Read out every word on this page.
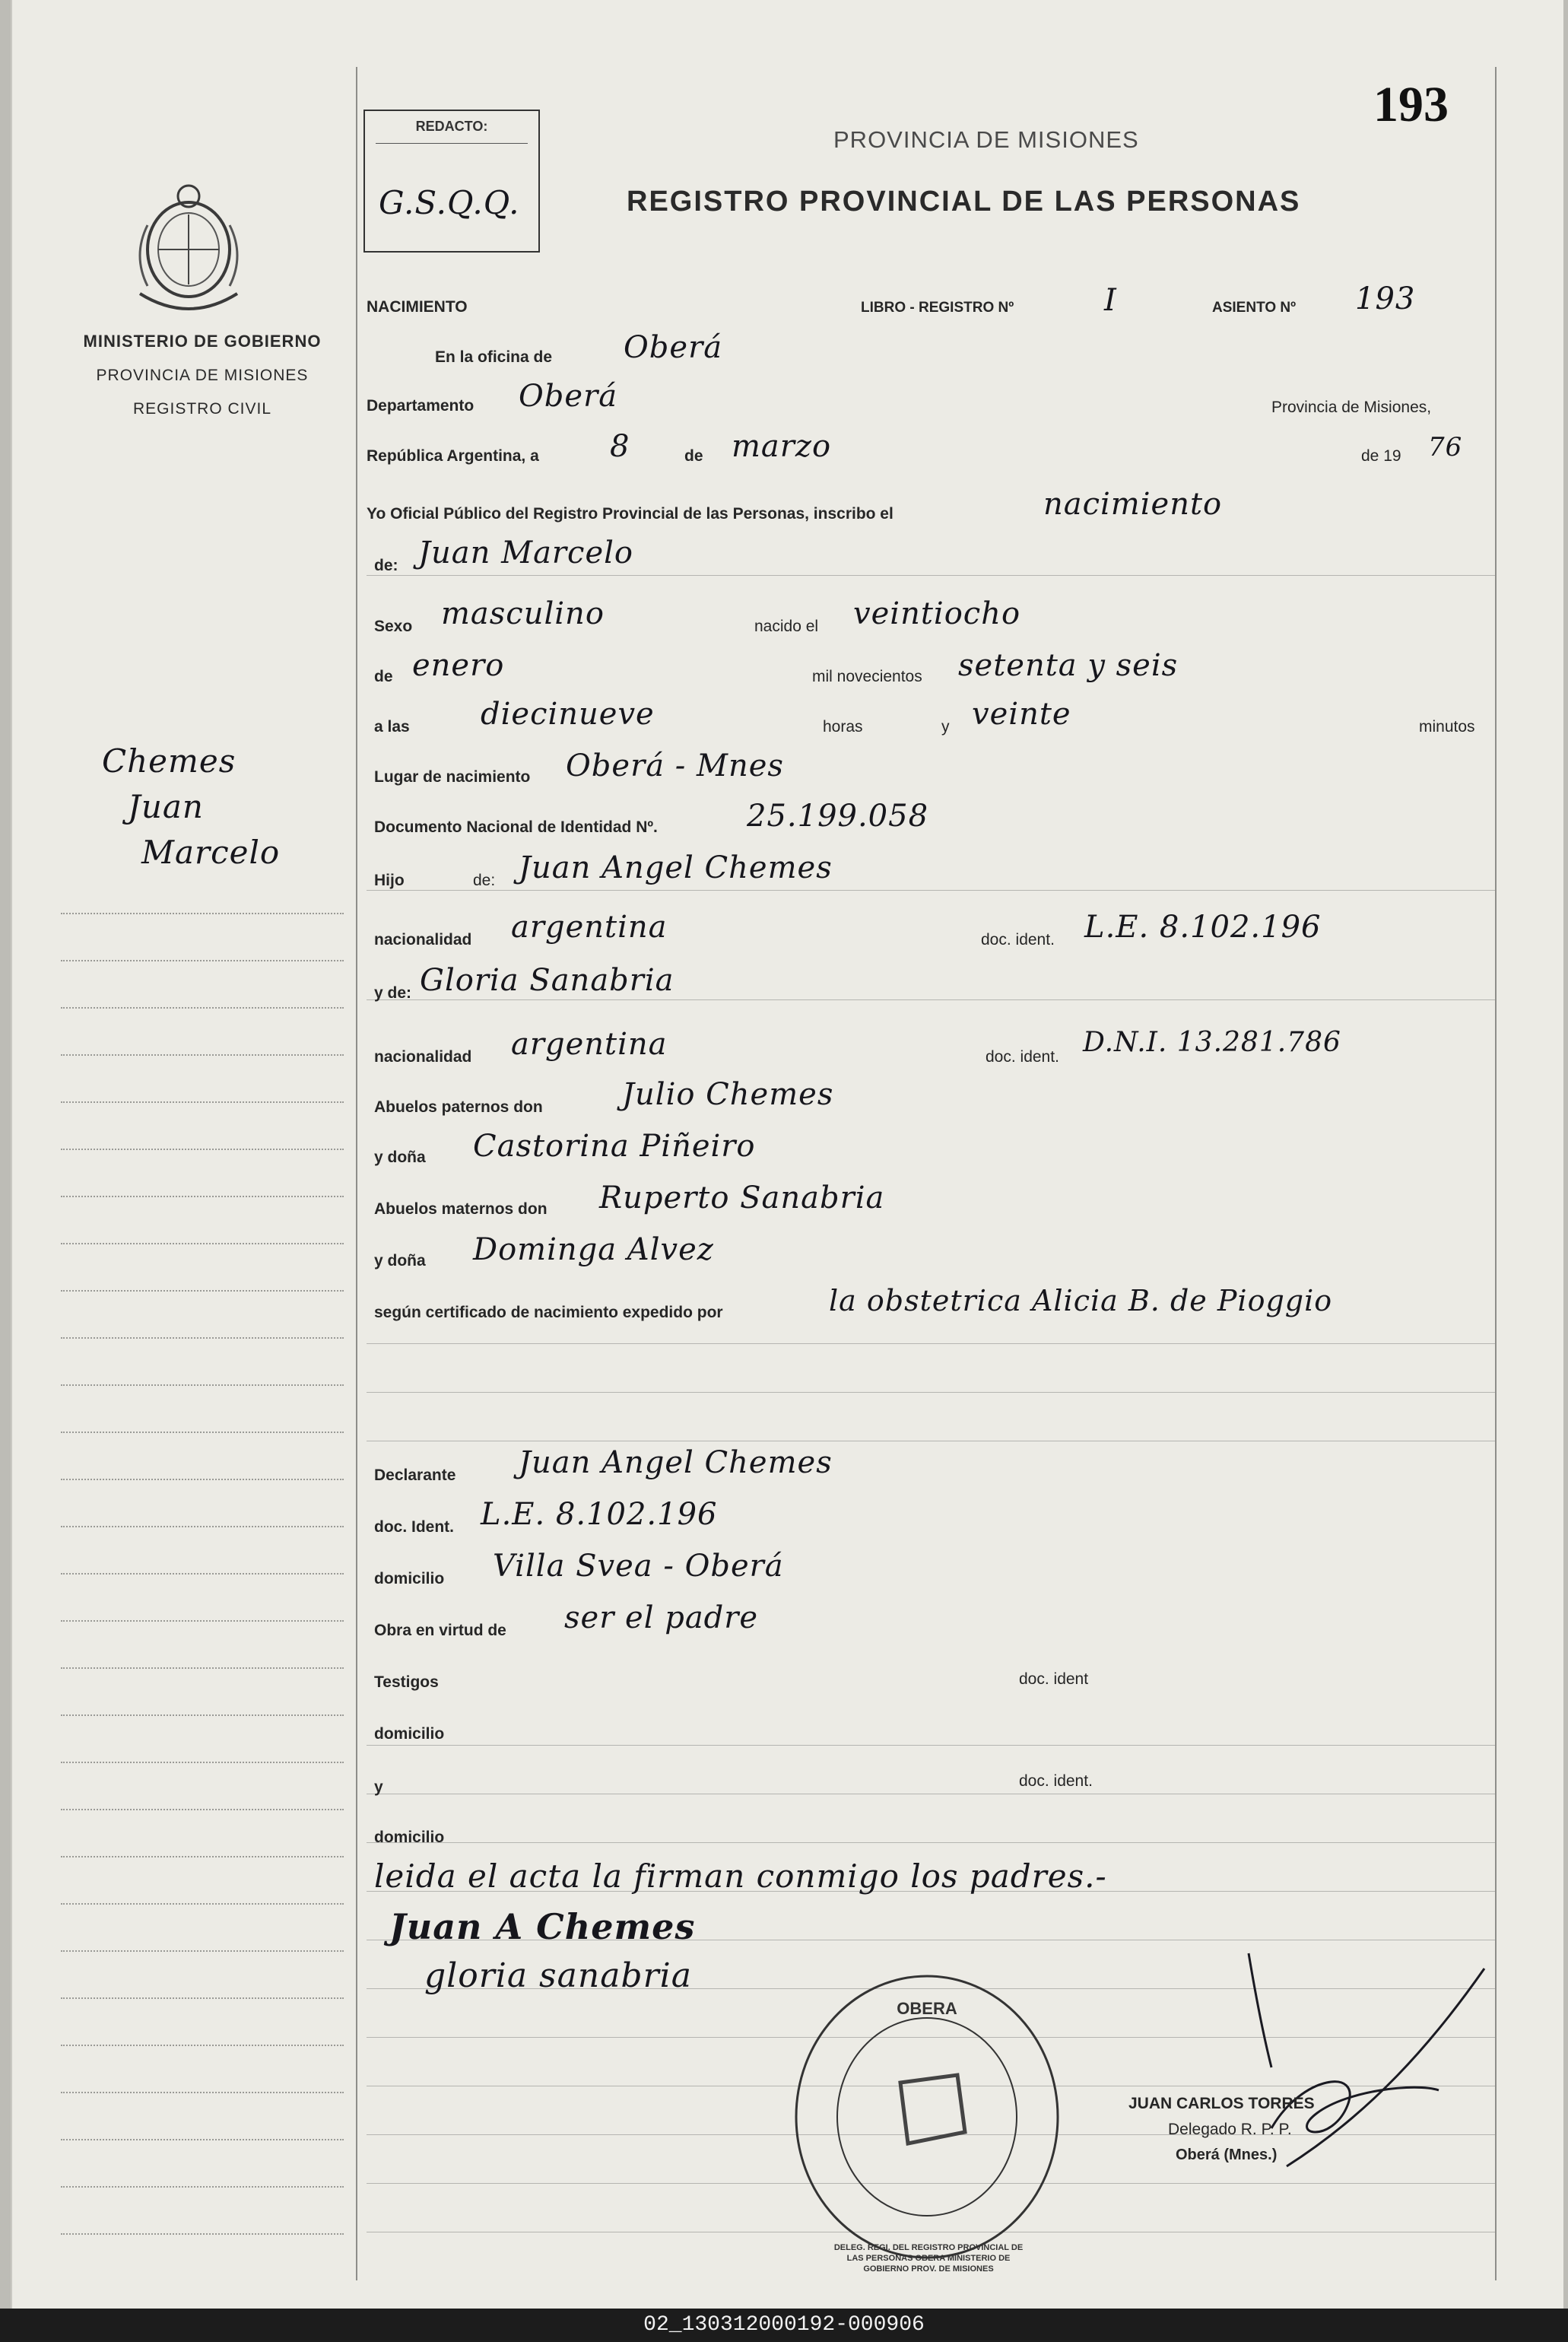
MINISTERIO DE GOBIERNO
PROVINCIA DE MISIONES
REGISTRO CIVIL
Chemes
Juan
Marcelo
193
REDACTO:
G.S.Q.Q.
PROVINCIA DE MISIONES
REGISTRO PROVINCIAL DE LAS PERSONAS
NACIMIENTO	LIBRO - REGISTRO Nº	I	ASIENTO Nº 193
En la oficina de Oberá
Departamento Oberá	Provincia de Misiones,
República Argentina, a 8	de marzo	de 19 76
Yo Oficial Público del Registro Provincial de las Personas, inscribo el	nacimiento
de: Juan Marcelo
Sexo masculino	nacido el veintiocho
de enero	mil novecientos setenta y seis
a las diecinueve	horas	y veinte	minutos
Lugar de nacimiento Oberá - Mnes
Documento Nacional de Identidad Nº.	25.199.058
Hijo	de: Juan Angel Chemes
nacionalidad argentina	doc. ident. L.E. 8.102.196
y de: Gloria Sanabria
nacionalidad argentina	doc. ident. D.N.I. 13.281.786
Abuelos paternos don	Julio Chemes
y doña Castorina Piñeiro
Abuelos maternos don Ruperto Sanabria
y doña Dominga Alvez
según certificado de nacimiento expedido por	la obstetrica Alicia B. de Pioggio
Declarante Juan Angel Chemes
doc. Ident. L.E. 8.102.196
domicilio Villa Svea - Oberá
Obra en virtud de ser el padre
Testigos	doc. ident
domicilio
y	doc. ident.
domicilio
leida el acta la firman conmigo los padres.-
Juan A Chemes
gloria sanabria
OBERA
DELEG. REGI. DEL REGISTRO PROVINCIAL DE LAS PERSONAS OBERA MINISTERIO DE GOBIERNO PROV. DE MISIONES
JUAN CARLOS TORRES
Delegado R. P. P.
Oberá (Mnes.)
02_130312000192-000906
